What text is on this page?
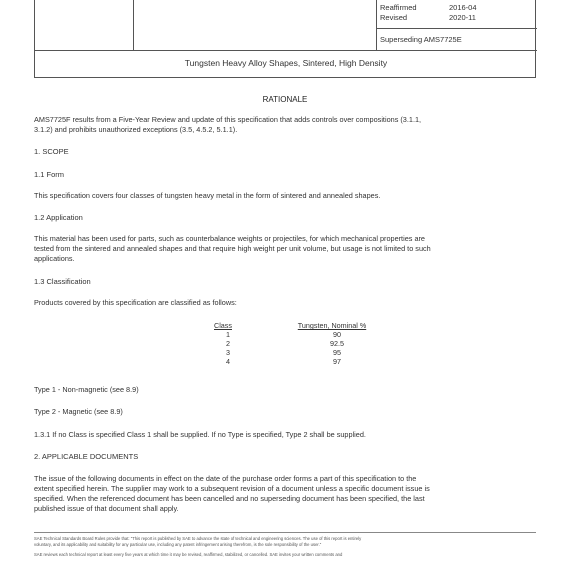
Reaffirmed	2016-04
Revised	2020-11
Superseding AMS7725E
Tungsten Heavy Alloy Shapes, Sintered, High Density
RATIONALE
AMS7725F results from a Five-Year Review and update of this specification that adds controls over compositions (3.1.1,
3.1.2) and prohibits unauthorized exceptions (3.5, 4.5.2, 5.1.1).
1. SCOPE
1.1 Form
This specification covers four classes of tungsten heavy metal in the form of sintered and annealed shapes.
1.2 Application
This material has been used for parts, such as counterbalance weights or projectiles, for which mechanical properties are
tested from the sintered and annealed shapes and that require high weight per unit volume, but usage is not limited to such
applications.
1.3 Classification
Products covered by this specification are classified as follows:
Class	Tungsten, Nominal %
1	90
2	92.5
3	95
4	97
Type 1 - Non-magnetic (see 8.9)
Type 2 - Magnetic (see 8.9)
1.3.1 If no Class is specified Class 1 shall be supplied. If no Type is specified, Type 2 shall be supplied.
2. APPLICABLE DOCUMENTS
The issue of the following documents in effect on the date of the purchase order forms a part of this specification to the
extent specified herein. The supplier may work to a subsequent revision of a document unless a specific document issue is
specified. When the referenced document has been cancelled and no superseding document has been specified, the last
published issue of that document shall apply.
SAE Technical Standards Board Rules provide that: "This report is published by SAE to advance the state of technical and engineering sciences. The use of this report is entirely
voluntary, and its applicability and suitability for any particular use, including any patent infringement arising therefrom, is the sole responsibility of the user."
SAE reviews each technical report at least every five years at which time it may be revised, reaffirmed, stabilized, or cancelled. SAE invites your written comments and
